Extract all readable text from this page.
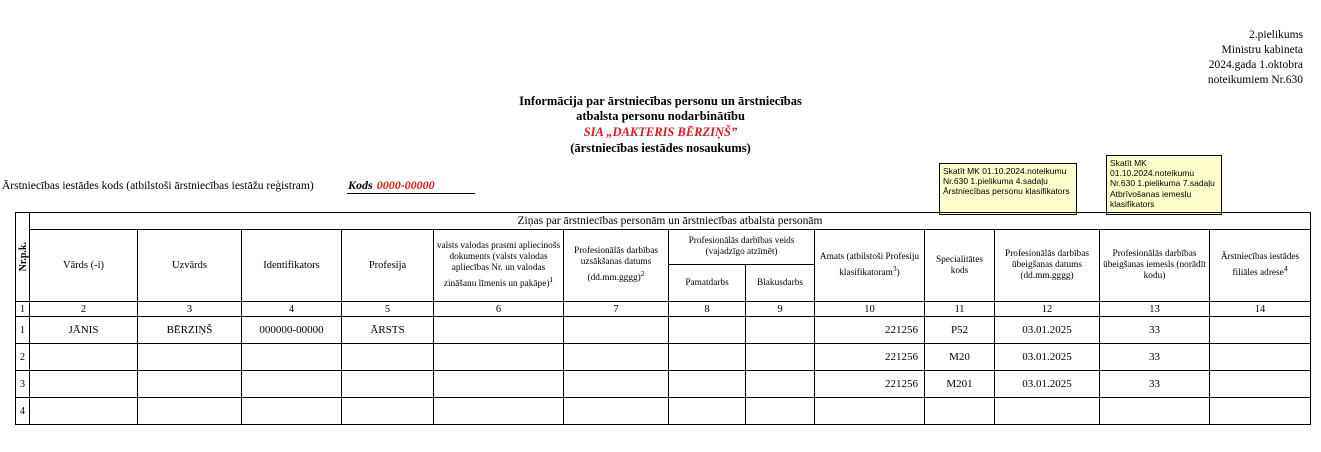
2.pielikums
Ministru kabineta
2024.gada 1.oktobra
noteikumiem Nr.630
Informācija par ārstniecības personu un ārstniecības
atbalsta personu nodarbinātību
SIA „DAKTERIS BĒRZIŅŠ”
(ārstniecības iestādes nosaukums)
Ārstniecības iestādes kods (atbilstoši ārstniecības iestāžu reģistram)	Kods 0000-00000
Skatīt MK 01.10.2024.noteikumu Nr.630 1.pielikuma 4.sadaļu Ārstniecības personu klasifikators
Skatīt MK 01.10.2024.noteikumu Nr.630 1.pielikuma 7.sadaļu Atbrīvošanas iemeslu klasifikators
Nr.p.k.	Ziņas par ārstniecības personām un ārstniecības atbalsta personām												
	Vārds (-i)	Uzvārds	Identifikators	Profesija	valsts valodas prasmi apliecinošs dokuments (valsts valodas apliecības Nr. un valodas zināšanu līmenis un pakāpe)$^1$	Profesionālās darbības uzsākšanas datums (dd.mm.gggg)$^2$	Profesionālās darbības veids (vajadzīgo atzīmēt)		Amats (atbilstoši Profesiju klasifikatoram$^3$)	Specialitātes kods	Profesionālās darbības ūbeigšanas datums (dd.mm.gggg)	Profesionālās darbības ūbeigšanas iemesls (norādīt kodu)	Ārstniecības iestādes filiāles adrese$^4$
							Pamatdarbs	Blakusdarbs					
1	2	3	4	5	6	7	8	9	10	11	12	13	14
1	JĀNIS	BĒRZIŅŠ	000000-00000	ĀRSTS					221256	P52	03.01.2025	33	
2									221256	M20	03.01.2025	33	
3									221256	M201	03.01.2025	33	
4													
